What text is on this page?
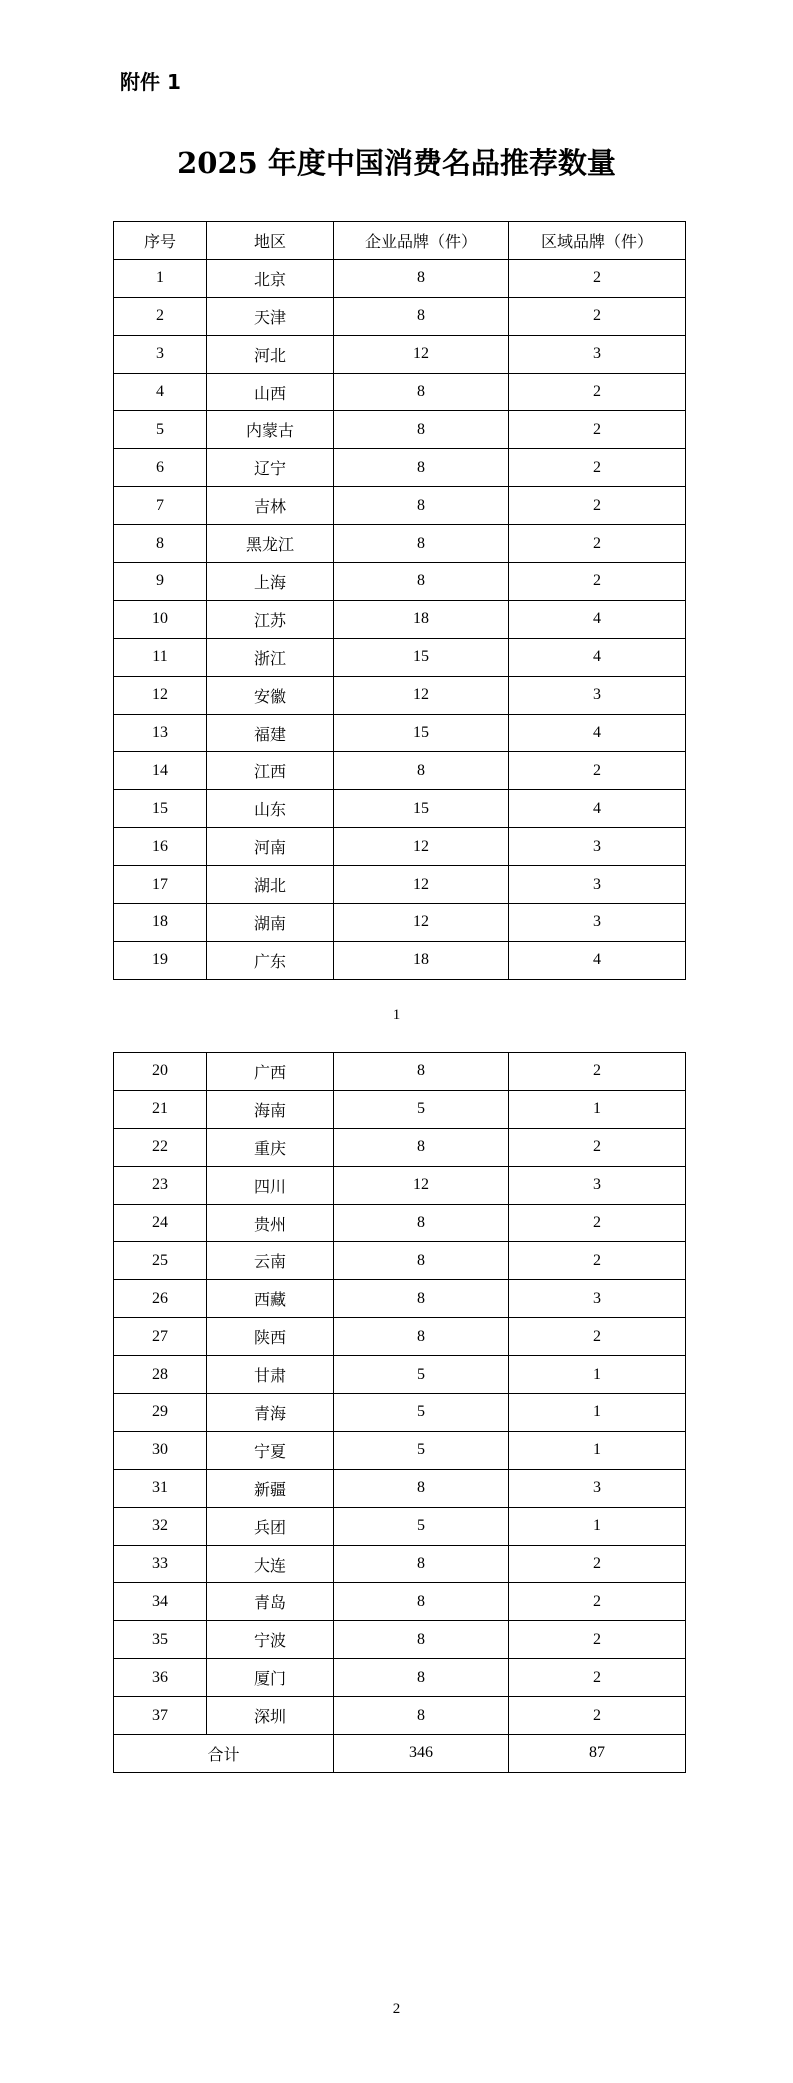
附件 1
2025 年度中国消费名品推荐数量
序号	地区	企业品牌（件）	区域品牌（件）
1	北京	8	2
2	天津	8	2
3	河北	12	3
4	山西	8	2
5	内蒙古	8	2
6	辽宁	8	2
7	吉林	8	2
8	黑龙江	8	2
9	上海	8	2
10	江苏	18	4
11	浙江	15	4
12	安徽	12	3
13	福建	15	4
14	江西	8	2
15	山东	15	4
16	河南	12	3
17	湖北	12	3
18	湖南	12	3
19	广东	18	4
1
20	广西	8	2
21	海南	5	1
22	重庆	8	2
23	四川	12	3
24	贵州	8	2
25	云南	8	2
26	西藏	8	3
27	陕西	8	2
28	甘肃	5	1
29	青海	5	1
30	宁夏	5	1
31	新疆	8	3
32	兵团	5	1
33	大连	8	2
34	青岛	8	2
35	宁波	8	2
36	厦门	8	2
37	深圳	8	2
合计		346	87
2
